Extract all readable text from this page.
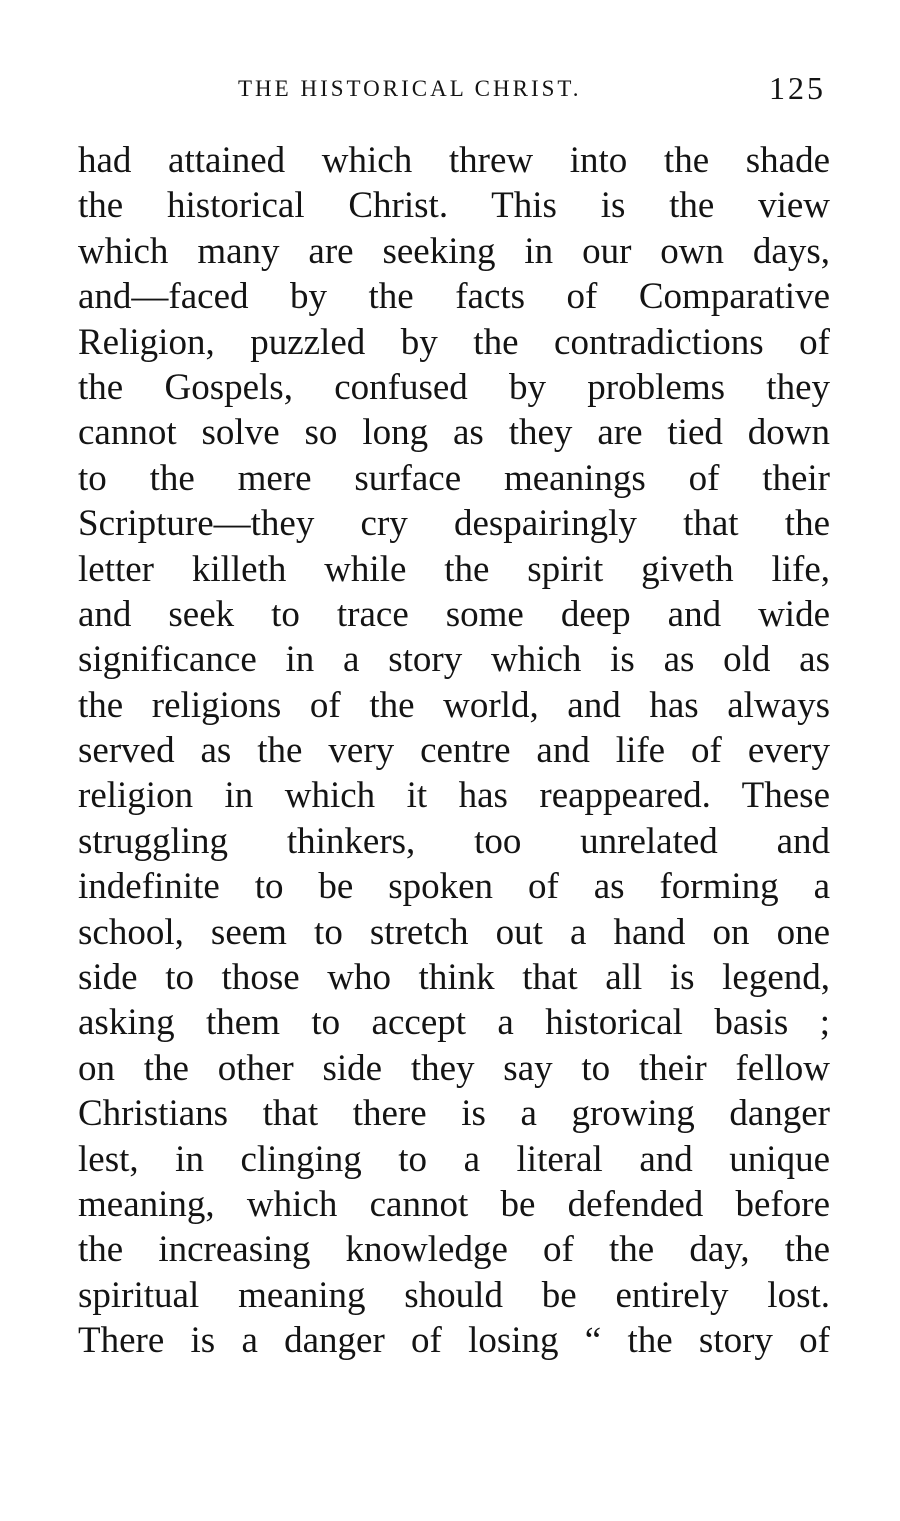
THE HISTORICAL CHRIST.	125
had attained which threw into the shade
the historical Christ. This is the view
which many are seeking in our own days,
and—faced by the facts of Comparative
Religion, puzzled by the contradictions of
the Gospels, confused by problems they
cannot solve so long as they are tied down
to the mere surface meanings of their
Scripture—they cry despairingly that the
letter killeth while the spirit giveth life,
and seek to trace some deep and wide
significance in a story which is as old as
the religions of the world, and has always
served as the very centre and life of every
religion in which it has reappeared. These
struggling thinkers, too unrelated and
indefinite to be spoken of as forming a
school, seem to stretch out a hand on one
side to those who think that all is legend,
asking them to accept a historical basis ;
on the other side they say to their fellow
Christians that there is a growing danger
lest, in clinging to a literal and unique
meaning, which cannot be defended before
the increasing knowledge of the day, the
spiritual meaning should be entirely lost.
There is a danger of losing “ the story of
